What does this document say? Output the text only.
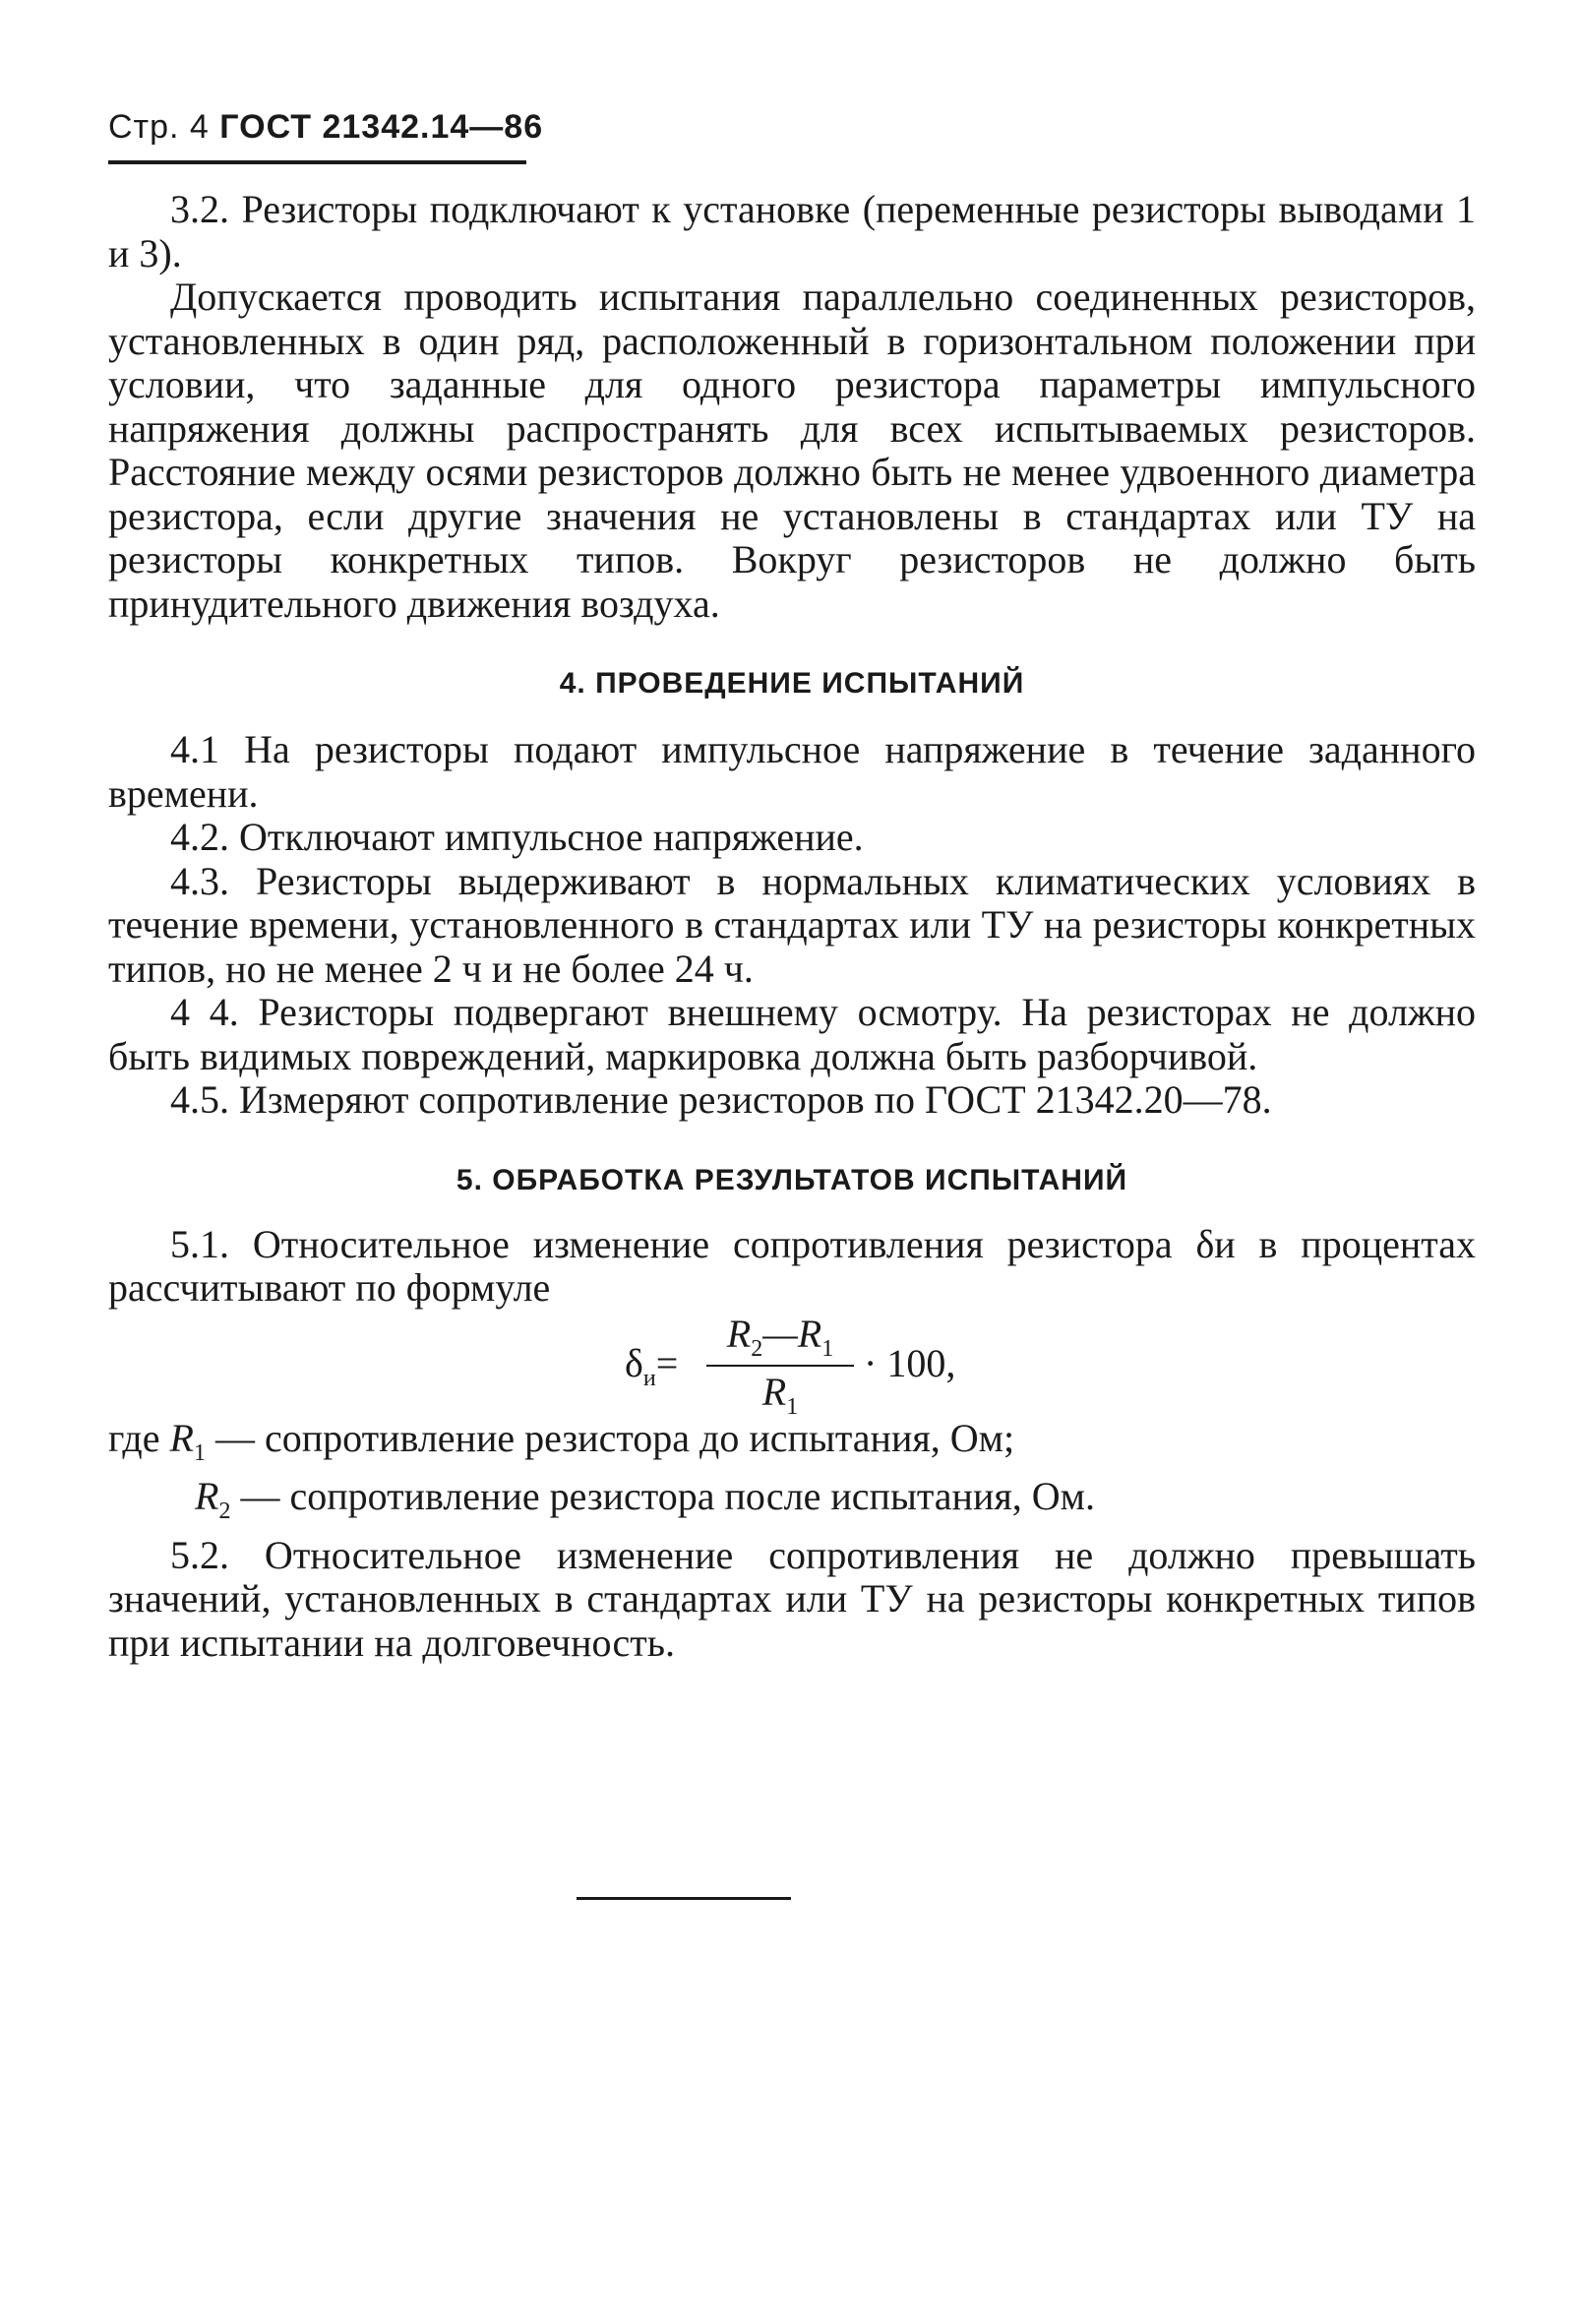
Стр. 4 ГОСТ 21342.14—86

3.2. Резисторы подключают к установке (переменные резисторы выводами 1 и 3).

Допускается проводить испытания параллельно соединенных резисторов, установленных в один ряд, расположенный в горизонтальном положении при условии, что заданные для одного резистора параметры импульсного напряжения должны распространять для всех испытываемых резисторов. Расстояние между осями резисторов должно быть не менее удвоенного диаметра резистора, если другие значения не установлены в стандартах или ТУ на резисторы конкретных типов. Вокруг резисторов не должно быть принудительного движения воздуха.

4. ПРОВЕДЕНИЕ ИСПЫТАНИЙ

4.1 На резисторы подают импульсное напряжение в течение заданного времени.

4.2. Отключают импульсное напряжение.

4.3. Резисторы выдерживают в нормальных климатических условиях в течение времени, установленного в стандартах или ТУ на резисторы конкретных типов, но не менее 2 ч и не более 24 ч.

4 4. Резисторы подвергают внешнему осмотру. На резисторах не должно быть видимых повреждений, маркировка должна быть разборчивой.

4.5. Измеряют сопротивление резисторов по ГОСТ 21342.20—78.

5. ОБРАБОТКА РЕЗУЛЬТАТОВ ИСПЫТАНИЙ

5.1. Относительное изменение сопротивления резистора δи в процентах рассчитывают по формуле

$\delta_и=$
$R_2—R_1$
$R_1$
· 100,

где $R_1$ — сопротивление резистора до испытания, Ом;

$R_2$ — сопротивление резистора после испытания, Ом.

5.2. Относительное изменение сопротивления не должно превышать значений, установленных в стандартах или ТУ на резисторы конкретных типов при испытании на долговечность.
